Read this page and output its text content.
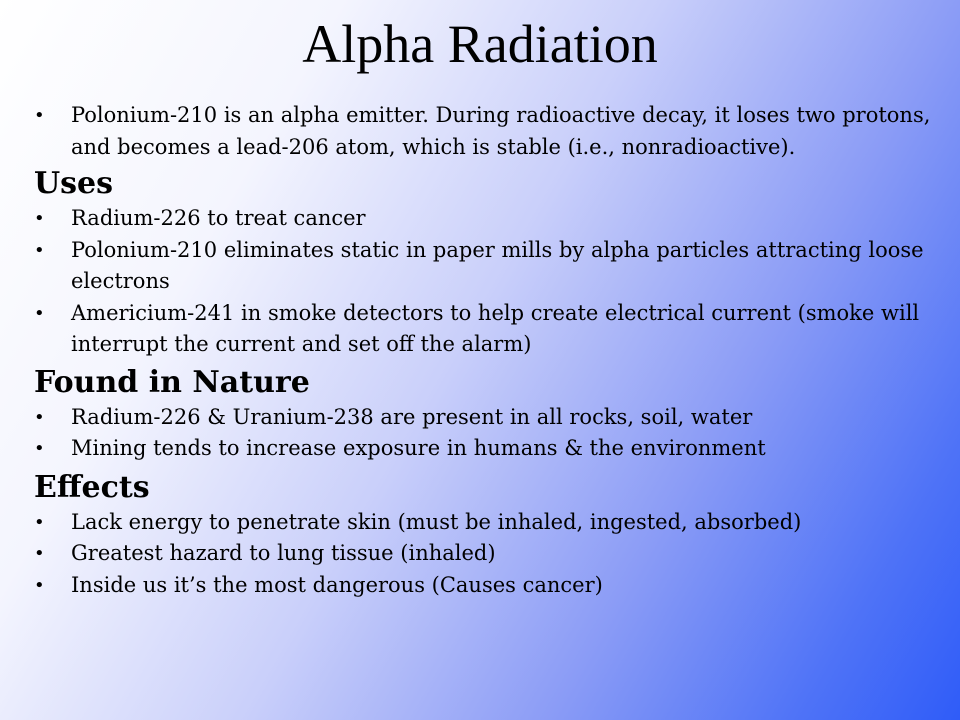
Alpha Radiation
• Polonium-210 is an alpha emitter. During radioactive decay, it loses two protons, and becomes a lead-206 atom, which is stable (i.e., nonradioactive).
Uses
• Radium-226 to treat cancer
• Polonium-210 eliminates static in paper mills by alpha particles attracting loose electrons
• Americium-241 in smoke detectors to help create electrical current (smoke will interrupt the current and set off the alarm)
Found in Nature
• Radium-226 & Uranium-238 are present in all rocks, soil, water
• Mining tends to increase exposure in humans & the environment
Effects
• Lack energy to penetrate skin (must be inhaled, ingested, absorbed)
• Greatest hazard to lung tissue (inhaled)
• Inside us it’s the most dangerous (Causes cancer)
